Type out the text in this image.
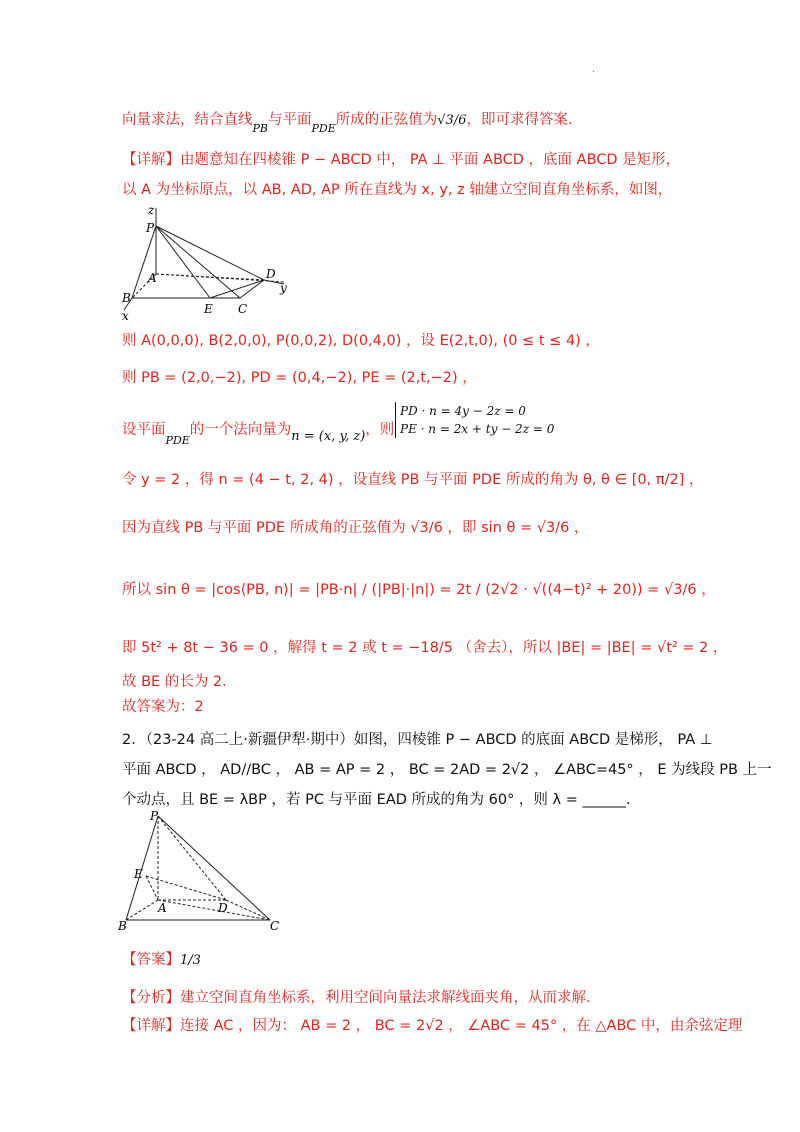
.
向量求法，结合直线$_{PB}$与平面$_{PDE}$所成的正弦值为√3/6，即可求得答案.
【详解】由题意知在四棱锥 P − ABCD 中， PA ⊥ 平面 ABCD ，底面 ABCD 是矩形，
以 A 为坐标原点，以 AB, AD, AP 所在直线为 x, y, z 轴建立空间直角坐标系，如图，
z
P
A	D
y
B
E C
x
则 A(0,0,0), B(2,0,0), P(0,0,2), D(0,4,0) ，设 E(2,t,0), (0 ≤ t ≤ 4) ，
则 PB = (2,0,−2), PD = (0,4,−2), PE = (2,t,−2) ，
设平面$_{PDE}$的一个法向量为n = (x, y, z)，则
PD · n = 4y − 2z = 0
PE · n = 2x + ty − 2z = 0
令 y = 2 ，得 n = (4 − t, 2, 4) ，设直线 PB 与平面 PDE 所成的角为 θ, θ ∈ [0, π/2] ，
因为直线 PB 与平面 PDE 所成角的正弦值为 √3/6 ，即 sin θ = √3/6 ，
所以 sin θ = |cos⟨PB, n⟩| = |PB·n| / (|PB|·|n|) = 2t / (2√2 · √((4−t)² + 20)) = √3/6 ，
即 5t² + 8t − 36 = 0 ，解得 t = 2 或 t = −18/5 （舍去），所以 |BE| = |BE| = √t² = 2 ，
故 BE 的长为 2.
故答案为：2
2．（23-24 高二上·新疆伊犁·期中）如图，四棱锥 P − ABCD 的底面 ABCD 是梯形， PA ⊥
平面 ABCD ， AD//BC ， AB = AP = 2 ， BC = 2AD = 2√2 ， ∠ABC=45° ， E 为线段 PB 上一
个动点，且 BE = λBP ，若 PC 与平面 EAD 所成的角为 60° ，则 λ = ______.
P
E
A	D
B	C
【答案】1/3
【分析】建立空间直角坐标系，利用空间向量法求解线面夹角，从而求解.
【详解】连接 AC ，因为： AB = 2 ， BC = 2√2 ， ∠ABC = 45° ，在 △ABC 中，由余弦定理
